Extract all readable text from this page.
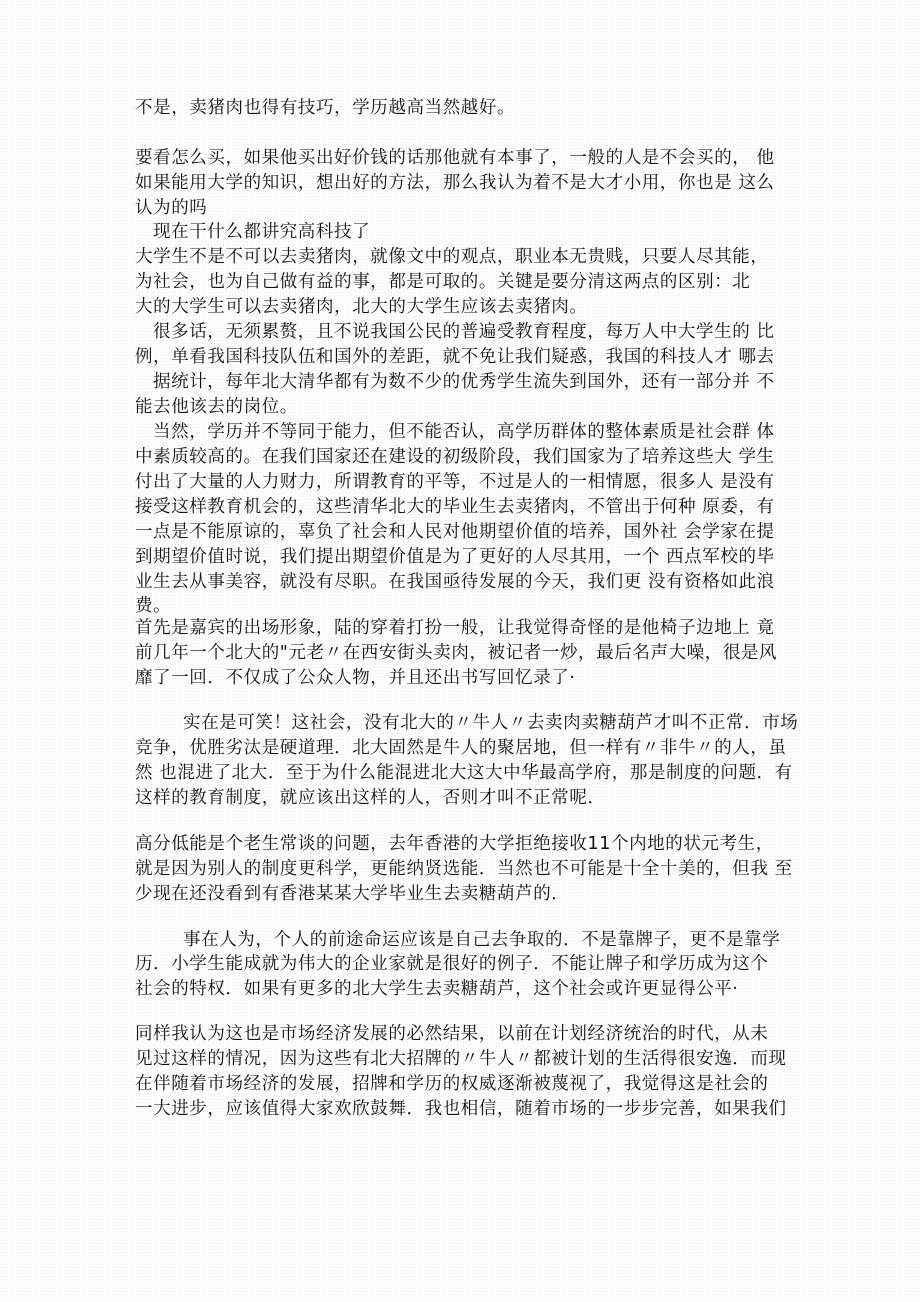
不是，卖猪肉也得有技巧，学历越高当然越好。
要看怎么买，如果他买出好价钱的话那他就有本事了，一般的人是不会买的， 他
如果能用大学的知识，想出好的方法，那么我认为着不是大才小用，你也是 这么
认为的吗
现在干什么都讲究高科技了
大学生不是不可以去卖猪肉，就像文中的观点，职业本无贵贱，只要人尽其能，
为社会，也为自己做有益的事，都是可取的。关键是要分清这两点的区别：北
大的大学生可以去卖猪肉，北大的大学生应该去卖猪肉。
很多话，无须累赘，且不说我国公民的普遍受教育程度，每万人中大学生的 比
例，单看我国科技队伍和国外的差距，就不免让我们疑惑，我国的科技人才 哪去
据统计，每年北大清华都有为数不少的优秀学生流失到国外，还有一部分并 不
能去他该去的岗位。
当然，学历并不等同于能力，但不能否认，高学历群体的整体素质是社会群 体
中素质较高的。在我们国家还在建设的初级阶段，我们国家为了培养这些大 学生
付出了大量的人力财力，所谓教育的平等，不过是人的一相情愿，很多人 是没有
接受这样教育机会的，这些清华北大的毕业生去卖猪肉，不管出于何种 原委，有
一点是不能原谅的，辜负了社会和人民对他期望价值的培养，国外社 会学家在提
到期望价值时说，我们提出期望价值是为了更好的人尽其用，一个 西点军校的毕
业生去从事美容，就没有尽职。在我国亟待发展的今天，我们更 没有资格如此浪
费。
首先是嘉宾的出场形象，陆的穿着打扮一般，让我觉得奇怪的是他椅子边地上 竟
前几年一个北大的"元老〃在西安街头卖肉，被记者一炒，最后名声大噪，很是风
靡了一回．不仅成了公众人物，并且还出书写回忆录了·
实在是可笑！这社会，没有北大的〃牛人〃去卖肉卖糖葫芦才叫不正常．市场
竞争，优胜劣汰是硬道理．北大固然是牛人的聚居地，但一样有〃非牛〃的人，虽
然 也混进了北大．至于为什么能混进北大这大中华最高学府，那是制度的问题．有
这样的教育制度，就应该出这样的人，否则才叫不正常呢．
高分低能是个老生常谈的问题，去年香港的大学拒绝接收11个内地的状元考生，
就是因为别人的制度更科学，更能纳贤选能．当然也不可能是十全十美的，但我 至
少现在还没看到有香港某某大学毕业生去卖糖葫芦的．
事在人为，个人的前途命运应该是自己去争取的．不是靠牌子，更不是靠学
历．小学生能成就为伟大的企业家就是很好的例子．不能让牌子和学历成为这个
社会的特权．如果有更多的北大学生去卖糖葫芦，这个社会或许更显得公平·
同样我认为这也是市场经济发展的必然结果，以前在计划经济统治的时代，从未
见过这样的情况，因为这些有北大招牌的〃牛人〃都被计划的生活得很安逸．而现
在伴随着市场经济的发展，招牌和学历的权威逐渐被蔑视了，我觉得这是社会的
一大进步，应该值得大家欢欣鼓舞．我也相信，随着市场的一步步完善，如果我们
